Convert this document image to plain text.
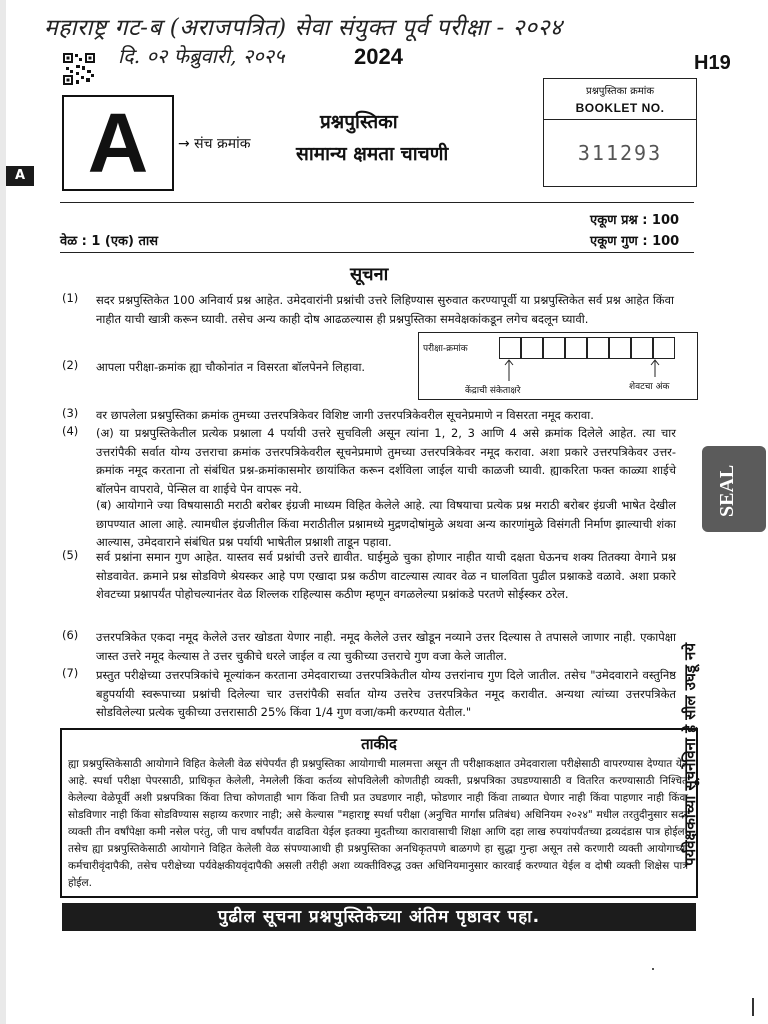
महाराष्ट्र गट-ब (अराजपत्रित) सेवा संयुक्त पूर्व परीक्षा - २०२४
दि. ०२ फेब्रुवारी, २०२५	2024	H19
A	→ संच क्रमांक
A
प्रश्नपुस्तिका
सामान्य क्षमता चाचणी
प्रश्नपुस्तिका क्रमांक
BOOKLET NO.
311293
एकूण प्रश्न : 100
एकूण गुण : 100
वेळ : 1 (एक) तास
सूचना
(1) सदर प्रश्नपुस्तिकेत 100 अनिवार्य प्रश्न आहेत. उमेदवारांनी प्रश्नांची उत्तरे लिहिण्यास सुरुवात करण्यापूर्वी या प्रश्नपुस्तिकेत सर्व प्रश्न आहेत किंवा नाहीत याची खात्री करून घ्यावी. तसेच अन्य काही दोष आढळल्यास ही प्रश्नपुस्तिका समवेक्षकांकडून लगेच बदलून घ्यावी.
(2) आपला परीक्षा-क्रमांक ह्या चौकोनांत न विसरता बॉलपेनने लिहावा.
परीक्षा-क्रमांक
केंद्राची संकेताक्षरे	शेवटचा अंक
(3) वर छापलेला प्रश्नपुस्तिका क्रमांक तुमच्या उत्तरपत्रिकेवर विशिष्ट जागी उत्तरपत्रिकेवरील सूचनेप्रमाणे न विसरता नमूद करावा.
(4) (अ) या प्रश्नपुस्तिकेतील प्रत्येक प्रश्नाला 4 पर्यायी उत्तरे सुचविली असून त्यांना 1, 2, 3 आणि 4 असे क्रमांक दिलेले आहेत. त्या चार उत्तरांपैकी सर्वात योग्य उत्तराचा क्रमांक उत्तरपत्रिकेवरील सूचनेप्रमाणे तुमच्या उत्तरपत्रिकेवर नमूद करावा. अशा प्रकारे उत्तरपत्रिकेवर उत्तर-क्रमांक नमूद करताना तो संबंधित प्रश्न-क्रमांकासमोर छायांकित करून दर्शविला जाईल याची काळजी घ्यावी. ह्याकरिता फक्त काळ्या शाईचे बॉलपेन वापरावे, पेन्सिल वा शाईचे पेन वापरू नये.
(ब) आयोगाने ज्या विषयासाठी मराठी बरोबर इंग्रजी माध्यम विहित केलेले आहे. त्या विषयाचा प्रत्येक प्रश्न मराठी बरोबर इंग्रजी भाषेत देखील छापण्यात आला आहे. त्यामधील इंग्रजीतील किंवा मराठीतील प्रश्नामध्ये मुद्रणदोषांमुळे अथवा अन्य कारणांमुळे विसंगती निर्माण झाल्याची शंका आल्यास, उमेदवाराने संबंधित प्रश्न पर्यायी भाषेतील प्रश्नाशी ताडून पहावा.
(5) सर्व प्रश्नांना समान गुण आहेत. यास्तव सर्व प्रश्नांची उत्तरे द्यावीत. घाईमुळे चुका होणार नाहीत याची दक्षता घेऊनच शक्य तितक्या वेगाने प्रश्न सोडवावेत. क्रमाने प्रश्न सोडविणे श्रेयस्कर आहे पण एखादा प्रश्न कठीण वाटल्यास त्यावर वेळ न घालविता पुढील प्रश्नाकडे वळावे. अशा प्रकारे शेवटच्या प्रश्नापर्यंत पोहोचल्यानंतर वेळ शिल्लक राहिल्यास कठीण म्हणून वगळलेल्या प्रश्नांकडे परतणे सोईस्कर ठरेल.
(6) उत्तरपत्रिकेत एकदा नमूद केलेले उत्तर खोडता येणार नाही. नमूद केलेले उत्तर खोडून नव्याने उत्तर दिल्यास ते तपासले जाणार नाही. एकापेक्षा जास्त उत्तरे नमूद केल्यास ते उत्तर चुकीचे धरले जाईल व त्या चुकीच्या उत्तराचे गुण वजा केले जातील.
(7) प्रस्तुत परीक्षेच्या उत्तरपत्रिकांचे मूल्यांकन करताना उमेदवाराच्या उत्तरपत्रिकेतील योग्य उत्तरांनाच गुण दिले जातील. तसेच "उमेदवाराने वस्तुनिष्ठ बहुपर्यायी स्वरूपाच्या प्रश्नांची दिलेल्या चार उत्तरांपैकी सर्वात योग्य उत्तरेच उत्तरपत्रिकेत नमूद करावीत. अन्यथा त्यांच्या उत्तरपत्रिकेत सोडविलेल्या प्रत्येक चुकीच्या उत्तरासाठी 25% किंवा 1/4 गुण वजा/कमी करण्यात येतील."
SEAL
पर्यवेक्षकांच्या सूचनेविना हे सील उघडू नये
ताकीद
ह्या प्रश्नपुस्तिकेसाठी आयोगाने विहित केलेली वेळ संपेपर्यंत ही प्रश्नपुस्तिका आयोगाची मालमत्ता असून ती परीक्षाकक्षात उमेदवाराला परीक्षेसाठी वापरण्यास देण्यात येत आहे. स्पर्धा परीक्षा पेपरसाठी, प्राधिकृत केलेली, नेमलेली किंवा कर्तव्य सोपविलेली कोणतीही व्यक्ती, प्रश्नपत्रिका उघडण्यासाठी व वितरित करण्यासाठी निश्चित केलेल्या वेळेपूर्वी अशी प्रश्नपत्रिका किंवा तिचा कोणताही भाग किंवा तिची प्रत उघडणार नाही, फोडणार नाही किंवा ताब्यात घेणार नाही किंवा पाहणार नाही किंवा सोडविणार नाही किंवा सोडविण्यास सहाय्य करणार नाही; असे केल्यास "महाराष्ट्र स्पर्धा परीक्षा (अनुचित मार्गांस प्रतिबंध) अधिनियम २०२४" मधील तरतुदीनुसार सदर व्यक्ती तीन वर्षांपेक्षा कमी नसेल परंतु, जी पाच वर्षांपर्यंत वाढविता येईल इतक्या मुदतीच्या कारावासाची शिक्षा आणि दहा लाख रुपयांपर्यंतच्या द्रव्यदंडास पात्र होईल. तसेच ह्या प्रश्नपुस्तिकेसाठी आयोगाने विहित केलेली वेळ संपण्याआधी ही प्रश्नपुस्तिका अनधिकृतपणे बाळगणे हा सुद्धा गुन्हा असून तसे करणारी व्यक्ती आयोगाच्या कर्मचारीवृंदापैकी, तसेच परीक्षेच्या पर्यवेक्षकीयवृंदापैकी असली तरीही अशा व्यक्तीविरुद्ध उक्त अधिनियमानुसार कारवाई करण्यात येईल व दोषी व्यक्ती शिक्षेस पात्र होईल.
पुढील सूचना प्रश्नपुस्तिकेच्या अंतिम पृष्ठावर पहा.
